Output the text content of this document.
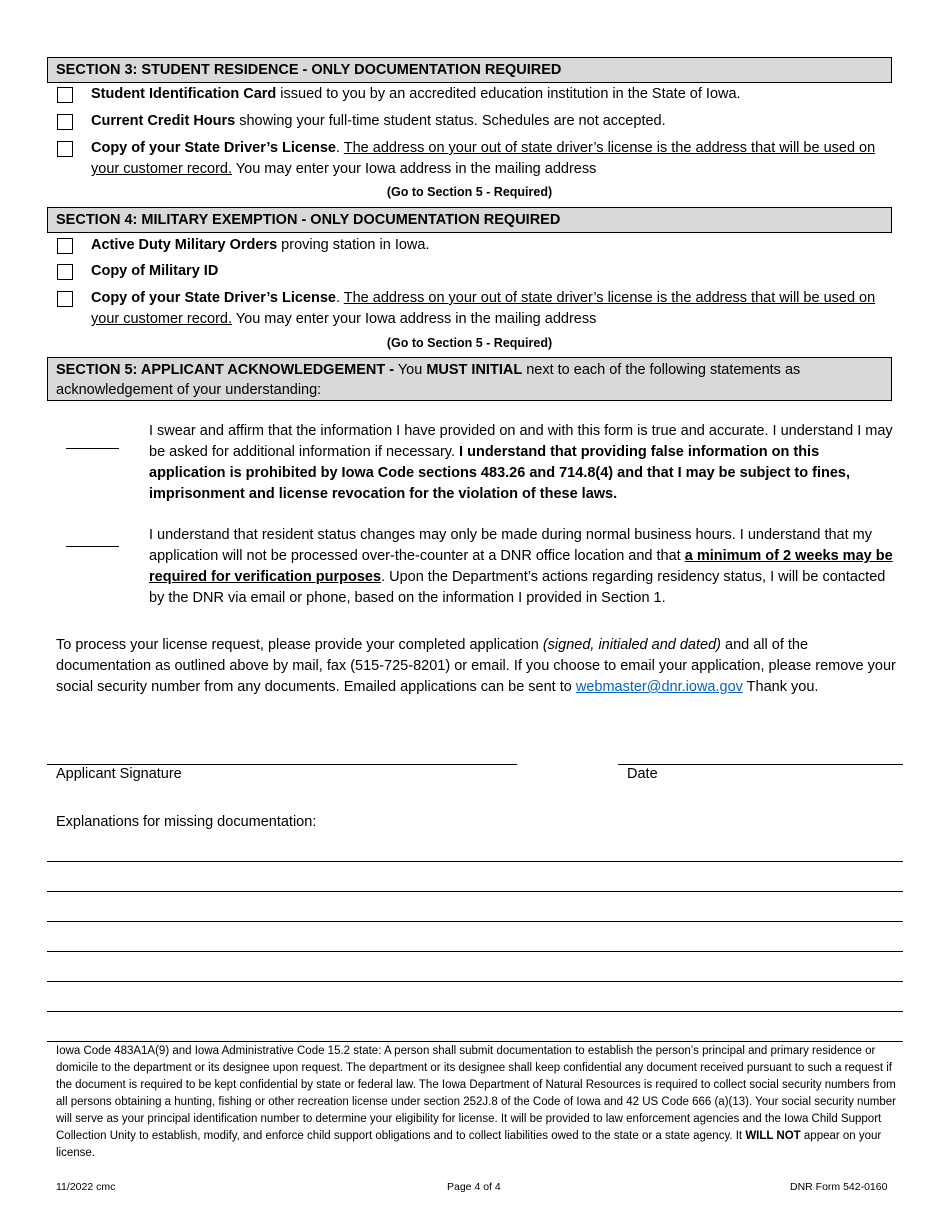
SECTION 3: STUDENT RESIDENCE - ONLY DOCUMENTATION REQUIRED
Student Identification Card issued to you by an accredited education institution in the State of Iowa.
Current Credit Hours showing your full-time student status. Schedules are not accepted.
Copy of your State Driver’s License. The address on your out of state driver’s license is the address that will be used on your customer record. You may enter your Iowa address in the mailing address
(Go to Section 5 - Required)
SECTION 4: MILITARY EXEMPTION - ONLY DOCUMENTATION REQUIRED
Active Duty Military Orders proving station in Iowa.
Copy of Military ID
Copy of your State Driver’s License. The address on your out of state driver’s license is the address that will be used on your customer record. You may enter your Iowa address in the mailing address
(Go to Section 5 - Required)
SECTION 5: APPLICANT ACKNOWLEDGEMENT - You MUST INITIAL next to each of the following statements as acknowledgement of your understanding:
I swear and affirm that the information I have provided on and with this form is true and accurate. I understand I may be asked for additional information if necessary. I understand that providing false information on this application is prohibited by Iowa Code sections 483.26 and 714.8(4) and that I may be subject to fines, imprisonment and license revocation for the violation of these laws.
I understand that resident status changes may only be made during normal business hours. I understand that my application will not be processed over-the-counter at a DNR office location and that a minimum of 2 weeks may be required for verification purposes. Upon the Department’s actions regarding residency status, I will be contacted by the DNR via email or phone, based on the information I provided in Section 1.
To process your license request, please provide your completed application (signed, initialed and dated) and all of the documentation as outlined above by mail, fax (515-725-8201) or email. If you choose to email your application, please remove your social security number from any documents. Emailed applications can be sent to webmaster@dnr.iowa.gov Thank you.
Applicant Signature	Date
Explanations for missing documentation:
Iowa Code 483A1A(9) and Iowa Administrative Code 15.2 state: A person shall submit documentation to establish the person’s principal and primary residence or domicile to the department or its designee upon request. The department or its designee shall keep confidential any document received pursuant to such a request if the document is required to be kept confidential by state or federal law. The Iowa Department of Natural Resources is required to collect social security numbers from all persons obtaining a hunting, fishing or other recreation license under section 252J.8 of the Code of Iowa and 42 US Code 666 (a)(13). Your social security number will serve as your principal identification number to determine your eligibility for license. It will be provided to law enforcement agencies and the Iowa Child Support Collection Unity to establish, modify, and enforce child support obligations and to collect liabilities owed to the state or a state agency. It WILL NOT appear on your license.
11/2022 cmc	Page 4 of 4	DNR Form 542-0160
